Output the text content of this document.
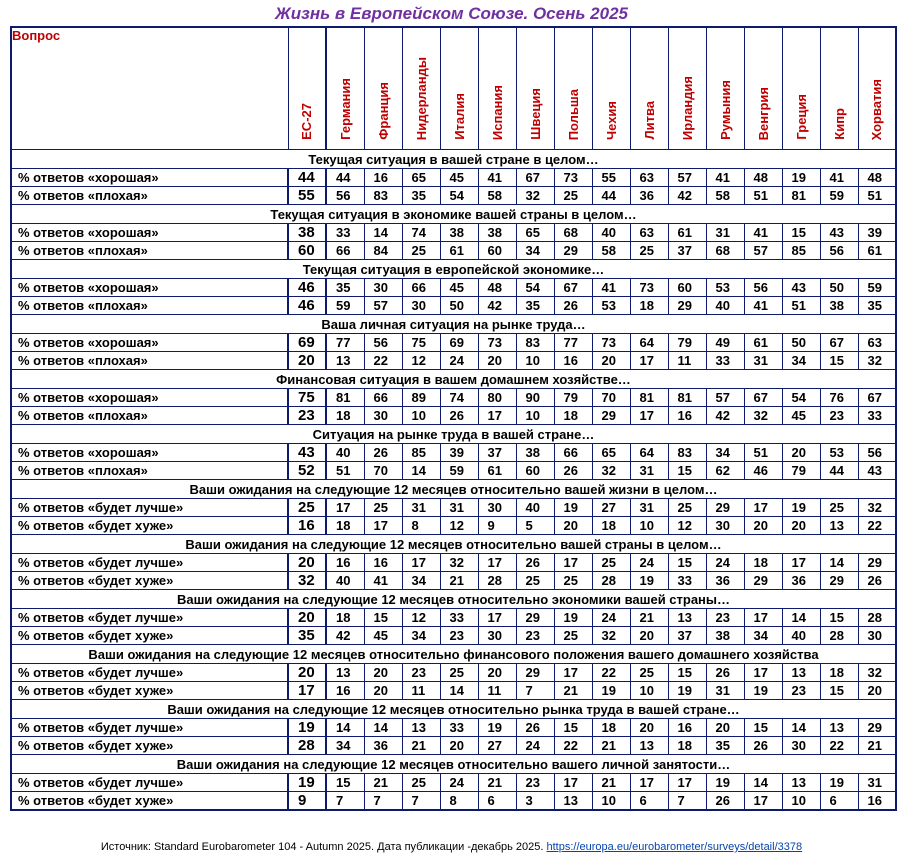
Жизнь в Европейском Союзе. Осень 2025
Вопрос	ЕС-27	Германия	Франция	Нидерланды	Италия	Испания	Швеция	Польша	Чехия	Литва	Ирландия	Румыния	Венгрия	Греция	Кипр	Хорватия
Текущая ситуация в вашей стране в целом…																
% ответов «хорошая»	44	44	16	65	45	41	67	73	55	63	57	41	48	19	41	48
% ответов «плохая»	55	56	83	35	54	58	32	25	44	36	42	58	51	81	59	51
Текущая ситуация в экономике вашей страны в целом…																
% ответов «хорошая»	38	33	14	74	38	38	65	68	40	63	61	31	41	15	43	39
% ответов «плохая»	60	66	84	25	61	60	34	29	58	25	37	68	57	85	56	61
Текущая ситуация в европейской экономике…																
% ответов «хорошая»	46	35	30	66	45	48	54	67	41	73	60	53	56	43	50	59
% ответов «плохая»	46	59	57	30	50	42	35	26	53	18	29	40	41	51	38	35
Ваша личная ситуация на рынке труда…																
% ответов «хорошая»	69	77	56	75	69	73	83	77	73	64	79	49	61	50	67	63
% ответов «плохая»	20	13	22	12	24	20	10	16	20	17	11	33	31	34	15	32
Финансовая ситуация в вашем домашнем хозяйстве…																
% ответов «хорошая»	75	81	66	89	74	80	90	79	70	81	81	57	67	54	76	67
% ответов «плохая»	23	18	30	10	26	17	10	18	29	17	16	42	32	45	23	33
Ситуация на рынке труда в вашей стране…																
% ответов «хорошая»	43	40	26	85	39	37	38	66	65	64	83	34	51	20	53	56
% ответов «плохая»	52	51	70	14	59	61	60	26	32	31	15	62	46	79	44	43
Ваши ожидания на следующие 12 месяцев относительно вашей жизни в целом…																
% ответов «будет лучше»	25	17	25	31	31	30	40	19	27	31	25	29	17	19	25	32
% ответов «будет хуже»	16	18	17	8	12	9	5	20	18	10	12	30	20	20	13	22
Ваши ожидания на следующие 12 месяцев относительно вашей страны в целом…																
% ответов «будет лучше»	20	16	16	17	32	17	26	17	25	24	15	24	18	17	14	29
% ответов «будет хуже»	32	40	41	34	21	28	25	25	28	19	33	36	29	36	29	26
Ваши ожидания на следующие 12 месяцев относительно экономики вашей страны…																
% ответов «будет лучше»	20	18	15	12	33	17	29	19	24	21	13	23	17	14	15	28
% ответов «будет хуже»	35	42	45	34	23	30	23	25	32	20	37	38	34	40	28	30
Ваши ожидания на следующие 12 месяцев относительно финансового положения вашего домашнего хозяйства																
% ответов «будет лучше»	20	13	20	23	25	20	29	17	22	25	15	26	17	13	18	32
% ответов «будет хуже»	17	16	20	11	14	11	7	21	19	10	19	31	19	23	15	20
Ваши ожидания на следующие 12 месяцев относительно рынка труда в вашей стране…																
% ответов «будет лучше»	19	14	14	13	33	19	26	15	18	20	16	20	15	14	13	29
% ответов «будет хуже»	28	34	36	21	20	27	24	22	21	13	18	35	26	30	22	21
Ваши ожидания на следующие 12 месяцев относительно вашего личной занятости…																
% ответов «будет лучше»	19	15	21	25	24	21	23	17	21	17	17	19	14	13	19	31
% ответов «будет хуже»	9	7	7	7	8	6	3	13	10	6	7	26	17	10	6	16
Источник: Standard Eurobarometer 104 - Autumn 2025. Дата публикации -декабрь 2025. https://europa.eu/eurobarometer/surveys/detail/3378
